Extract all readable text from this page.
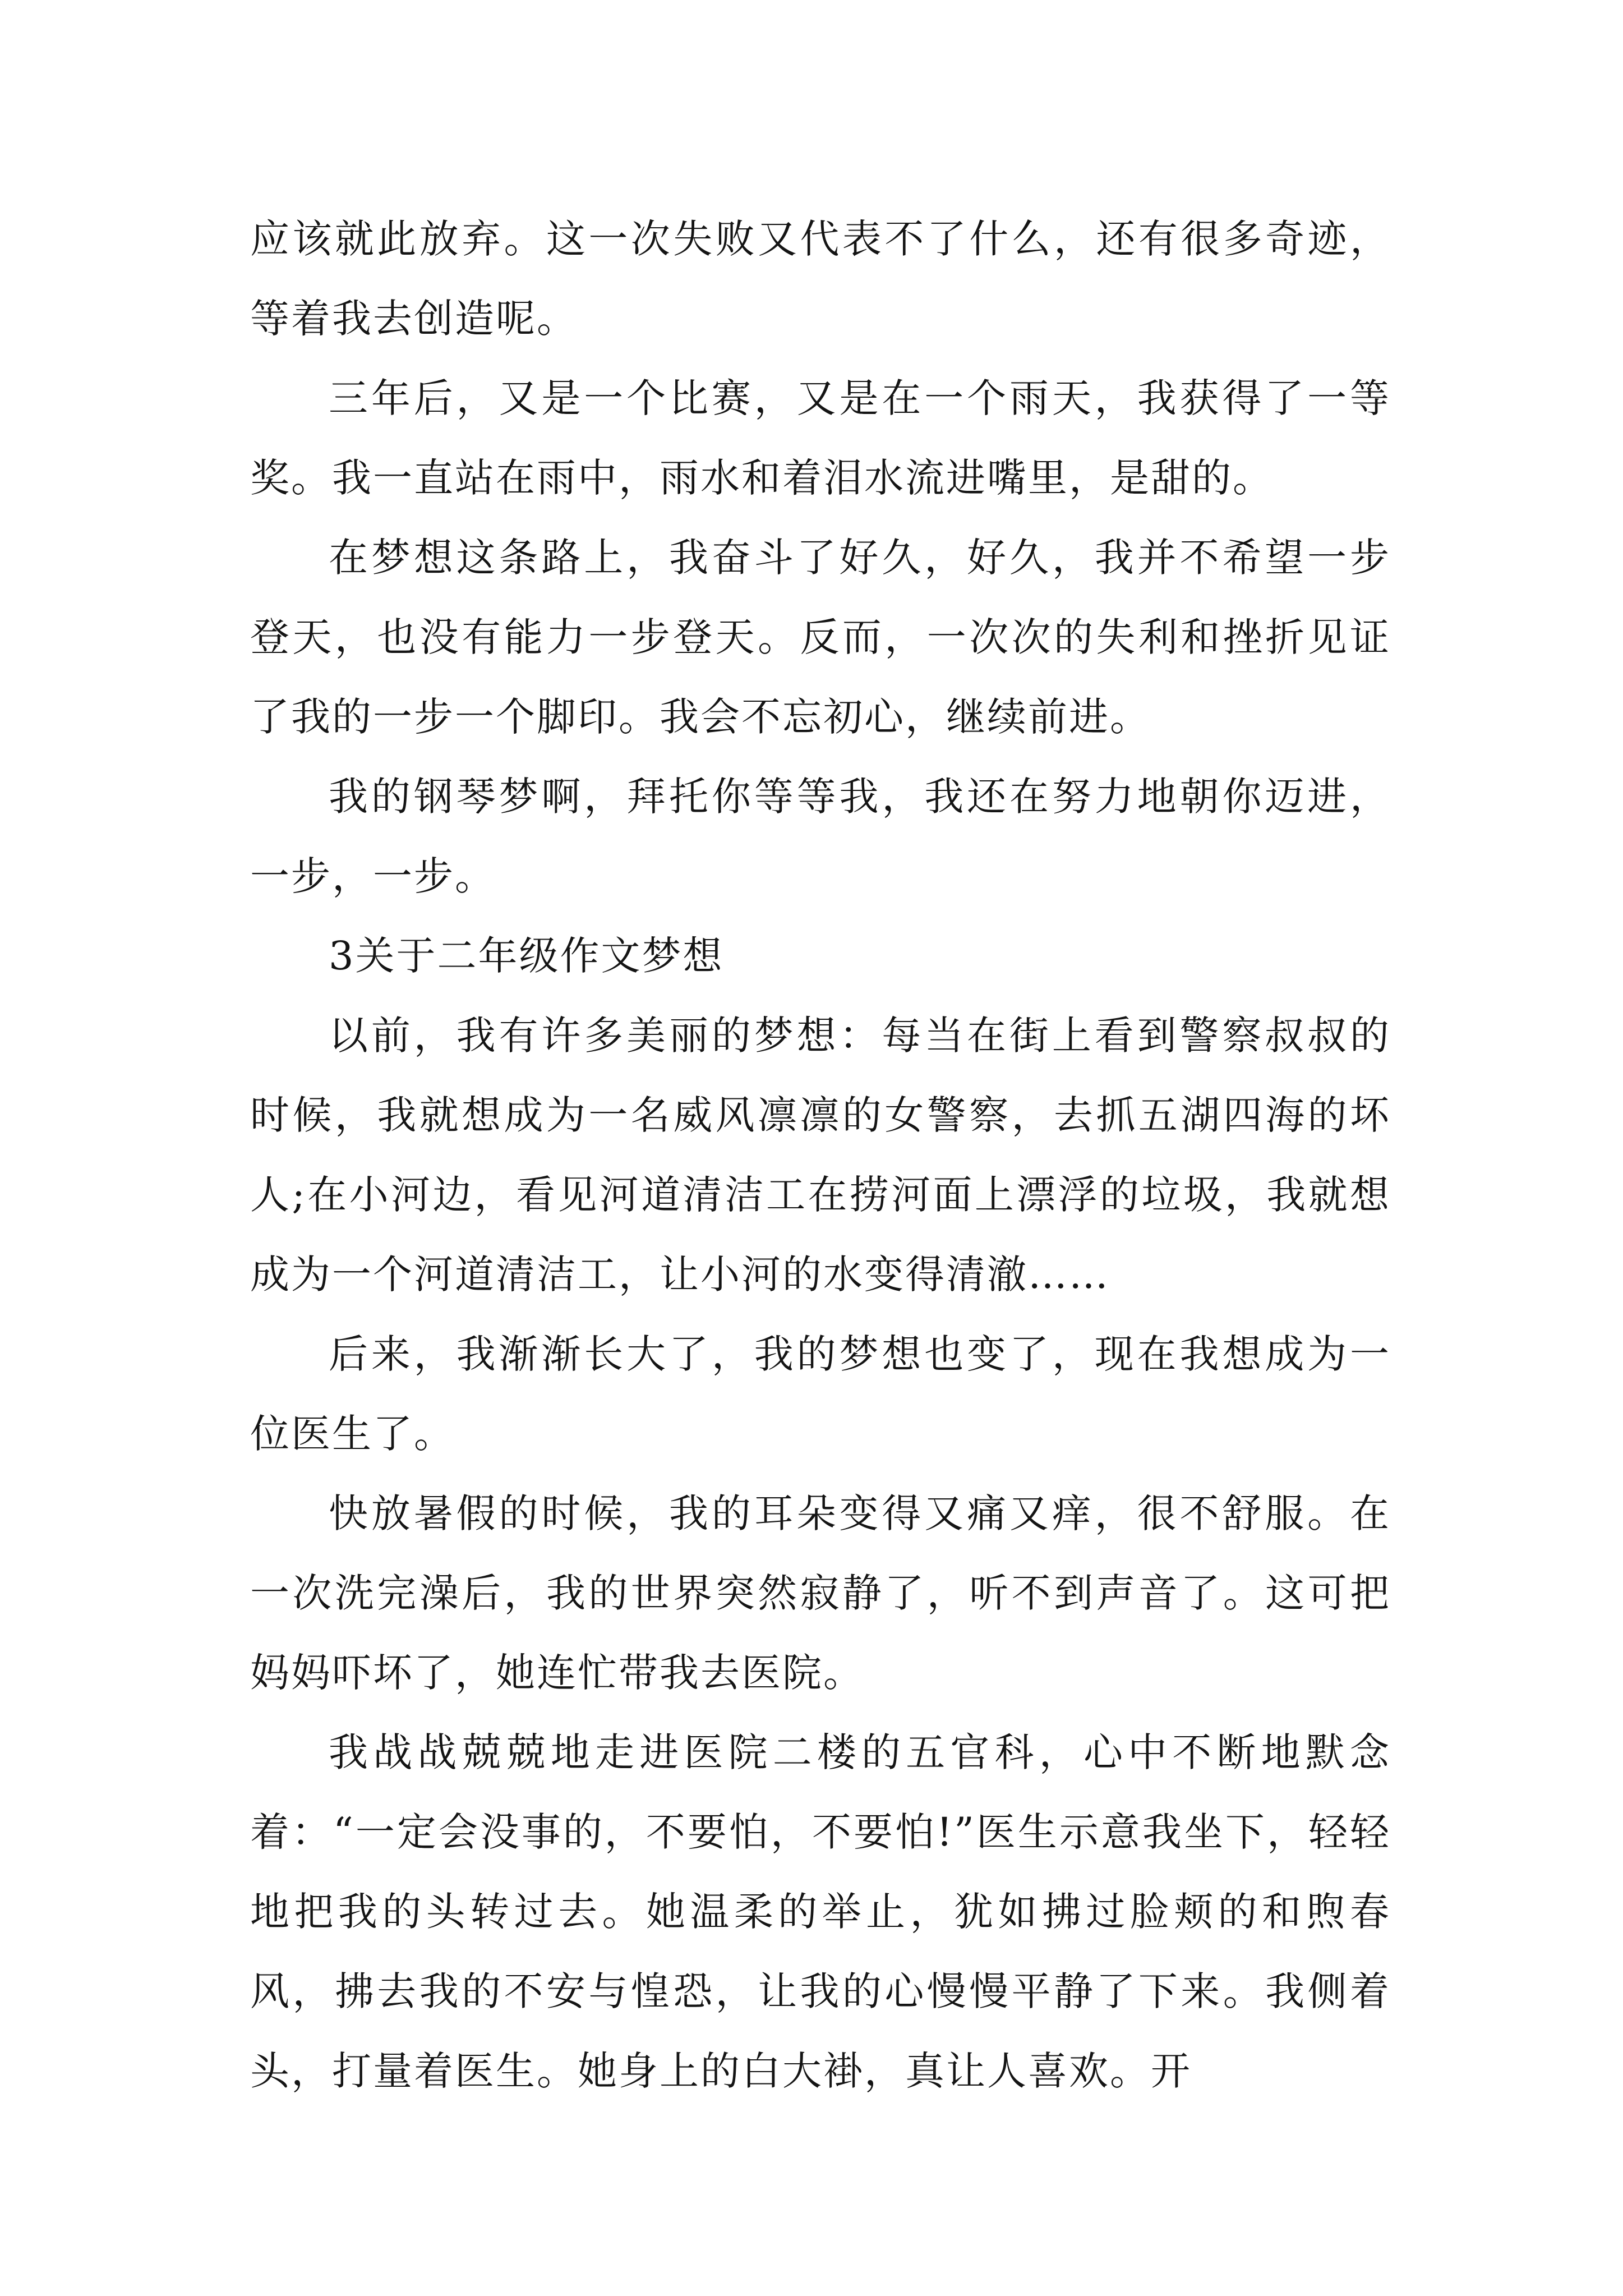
应该就此放弃。这一次失败又代表不了什么，还有很多奇迹，等着我去创造呢。

三年后，又是一个比赛，又是在一个雨天，我获得了一等奖。我一直站在雨中，雨水和着泪水流进嘴里，是甜的。

在梦想这条路上，我奋斗了好久，好久，我并不希望一步登天，也没有能力一步登天。反而，一次次的失利和挫折见证了我的一步一个脚印。我会不忘初心，继续前进。

我的钢琴梦啊，拜托你等等我，我还在努力地朝你迈进，一步，一步。

3关于二年级作文梦想

以前，我有许多美丽的梦想：每当在街上看到警察叔叔的时候，我就想成为一名威风凛凛的女警察，去抓五湖四海的坏人;在小河边，看见河道清洁工在捞河面上漂浮的垃圾，我就想成为一个河道清洁工，让小河的水变得清澈……

后来，我渐渐长大了，我的梦想也变了，现在我想成为一位医生了。

快放暑假的时候，我的耳朵变得又痛又痒，很不舒服。在一次洗完澡后，我的世界突然寂静了，听不到声音了。这可把妈妈吓坏了，她连忙带我去医院。

我战战兢兢地走进医院二楼的五官科，心中不断地默念着：“一定会没事的，不要怕，不要怕!”医生示意我坐下，轻轻地把我的头转过去。她温柔的举止，犹如拂过脸颊的和煦春风，拂去我的不安与惶恐，让我的心慢慢平静了下来。我侧着头，打量着医生。她身上的白大褂，真让人喜欢。开
